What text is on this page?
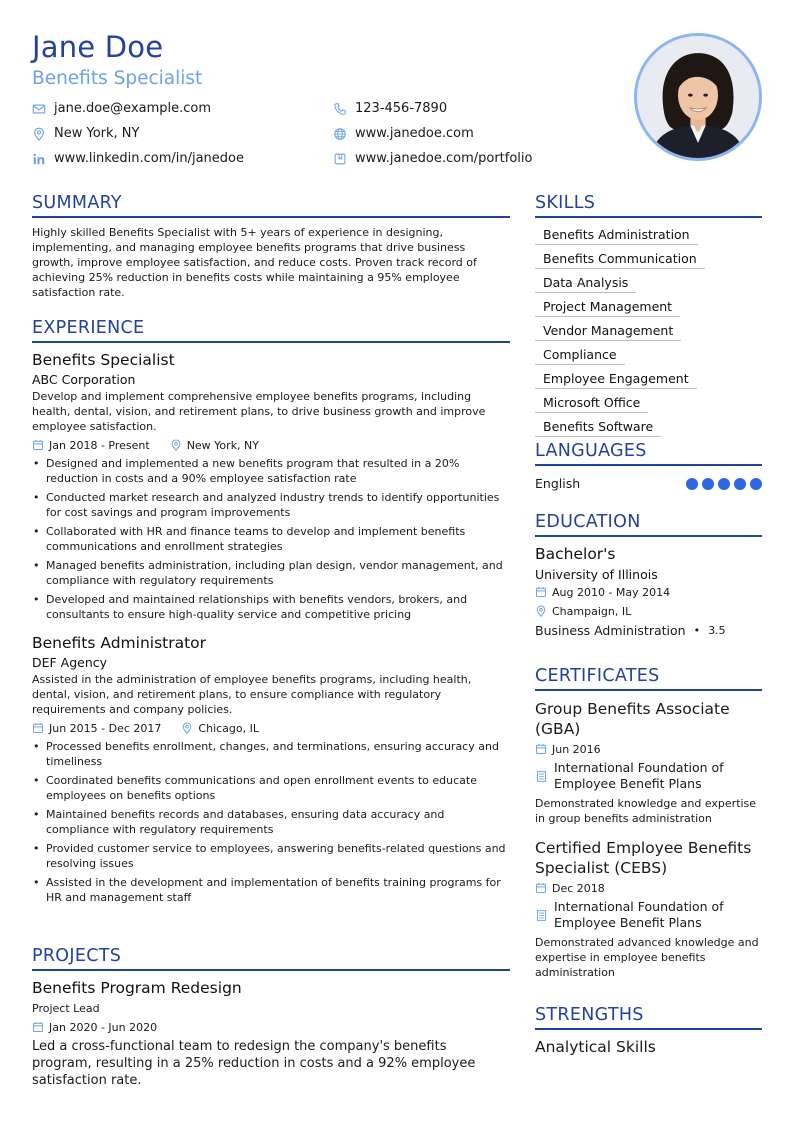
Jane Doe
Benefits Specialist
jane.doe@example.com	123-456-7890
New York, NY	www.janedoe.com
www.linkedin.com/in/janedoe	www.janedoe.com/portfolio
SUMMARY
Highly skilled Benefits Specialist with 5+ years of experience in designing, implementing, and managing employee benefits programs that drive business growth, improve employee satisfaction, and reduce costs. Proven track record of achieving 25% reduction in benefits costs while maintaining a 95% employee satisfaction rate.
EXPERIENCE
Benefits Specialist
ABC Corporation
Develop and implement comprehensive employee benefits programs, including health, dental, vision, and retirement plans, to drive business growth and improve employee satisfaction.
Jan 2018 - Present	New York, NY
• Designed and implemented a new benefits program that resulted in a 20% reduction in costs and a 90% employee satisfaction rate
• Conducted market research and analyzed industry trends to identify opportunities for cost savings and program improvements
• Collaborated with HR and finance teams to develop and implement benefits communications and enrollment strategies
• Managed benefits administration, including plan design, vendor management, and compliance with regulatory requirements
• Developed and maintained relationships with benefits vendors, brokers, and consultants to ensure high-quality service and competitive pricing
Benefits Administrator
DEF Agency
Assisted in the administration of employee benefits programs, including health, dental, vision, and retirement plans, to ensure compliance with regulatory requirements and company policies.
Jun 2015 - Dec 2017	Chicago, IL
• Processed benefits enrollment, changes, and terminations, ensuring accuracy and timeliness
• Coordinated benefits communications and open enrollment events to educate employees on benefits options
• Maintained benefits records and databases, ensuring data accuracy and compliance with regulatory requirements
• Provided customer service to employees, answering benefits-related questions and resolving issues
• Assisted in the development and implementation of benefits training programs for HR and management staff
PROJECTS
Benefits Program Redesign
Project Lead
Jan 2020 - Jun 2020
Led a cross-functional team to redesign the company's benefits program, resulting in a 25% reduction in costs and a 92% employee satisfaction rate.
SKILLS
Benefits Administration
Benefits Communication
Data Analysis
Project Management
Vendor Management
Compliance
Employee Engagement
Microsoft Office
Benefits Software
LANGUAGES
English
EDUCATION
Bachelor's
University of Illinois
Aug 2010 - May 2014
Champaign, IL
Business Administration • 3.5
CERTIFICATES
Group Benefits Associate (GBA)
Jun 2016
International Foundation of Employee Benefit Plans
Demonstrated knowledge and expertise in group benefits administration
Certified Employee Benefits Specialist (CEBS)
Dec 2018
International Foundation of Employee Benefit Plans
Demonstrated advanced knowledge and expertise in employee benefits administration
STRENGTHS
Analytical Skills
